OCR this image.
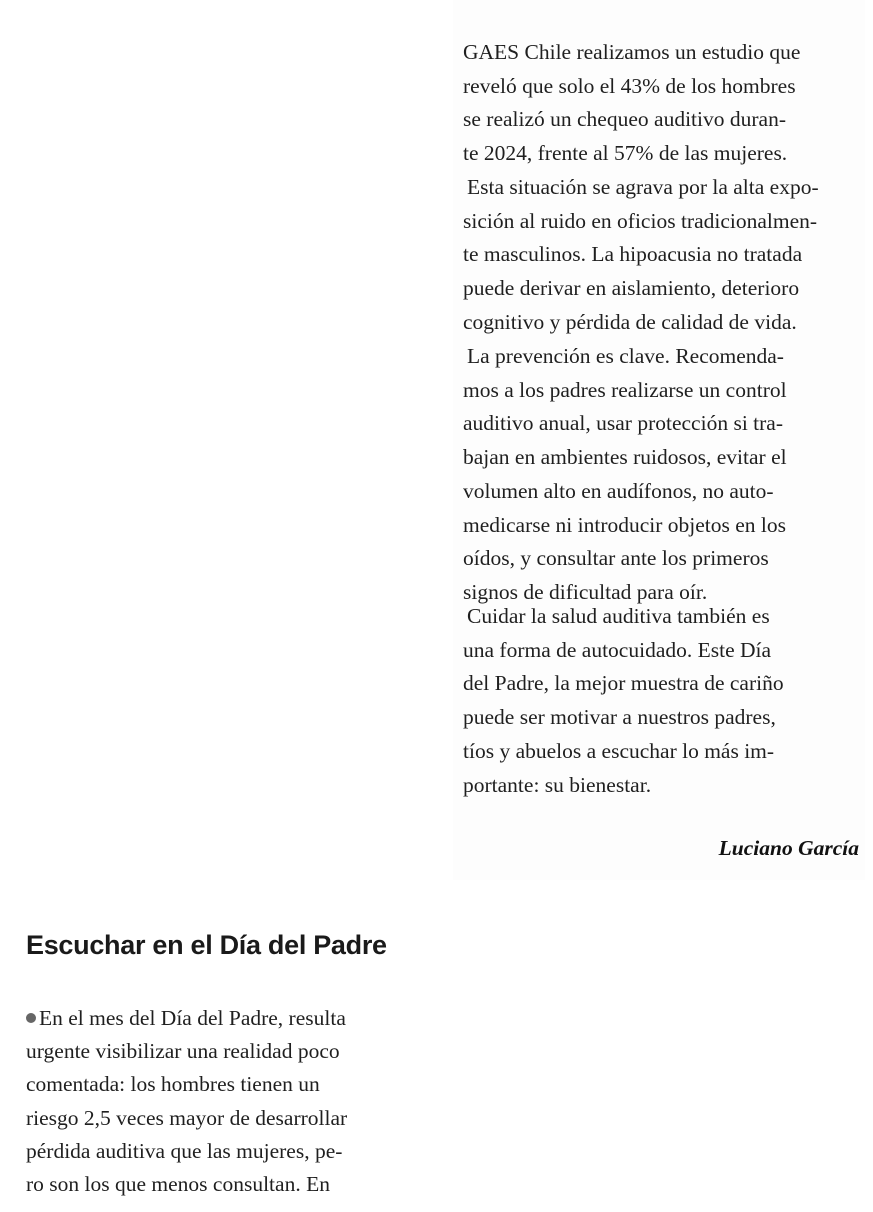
GAES Chile realizamos un estudio que
reveló que solo el 43% de los hombres
se realizó un chequeo auditivo duran-
te 2024, frente al 57% de las mujeres.

Esta situación se agrava por la alta expo-
sición al ruido en oficios tradicionalmen-
te masculinos. La hipoacusia no tratada
puede derivar en aislamiento, deterioro
cognitivo y pérdida de calidad de vida.

La prevención es clave. Recomenda-
mos a los padres realizarse un control
auditivo anual, usar protección si tra-
bajan en ambientes ruidosos, evitar el
volumen alto en audífonos, no auto-
medicarse ni introducir objetos en los
oídos, y consultar ante los primeros
signos de dificultad para oír.

Cuidar la salud auditiva también es
una forma de autocuidado. Este Día
del Padre, la mejor muestra de cariño
puede ser motivar a nuestros padres,
tíos y abuelos a escuchar lo más im-
portante: su bienestar.

Luciano García

Escuchar en el Día del Padre

En el mes del Día del Padre, resulta
urgente visibilizar una realidad poco
comentada: los hombres tienen un
riesgo 2,5 veces mayor de desarrollar
pérdida auditiva que las mujeres, pe-
ro son los que menos consultan. En
